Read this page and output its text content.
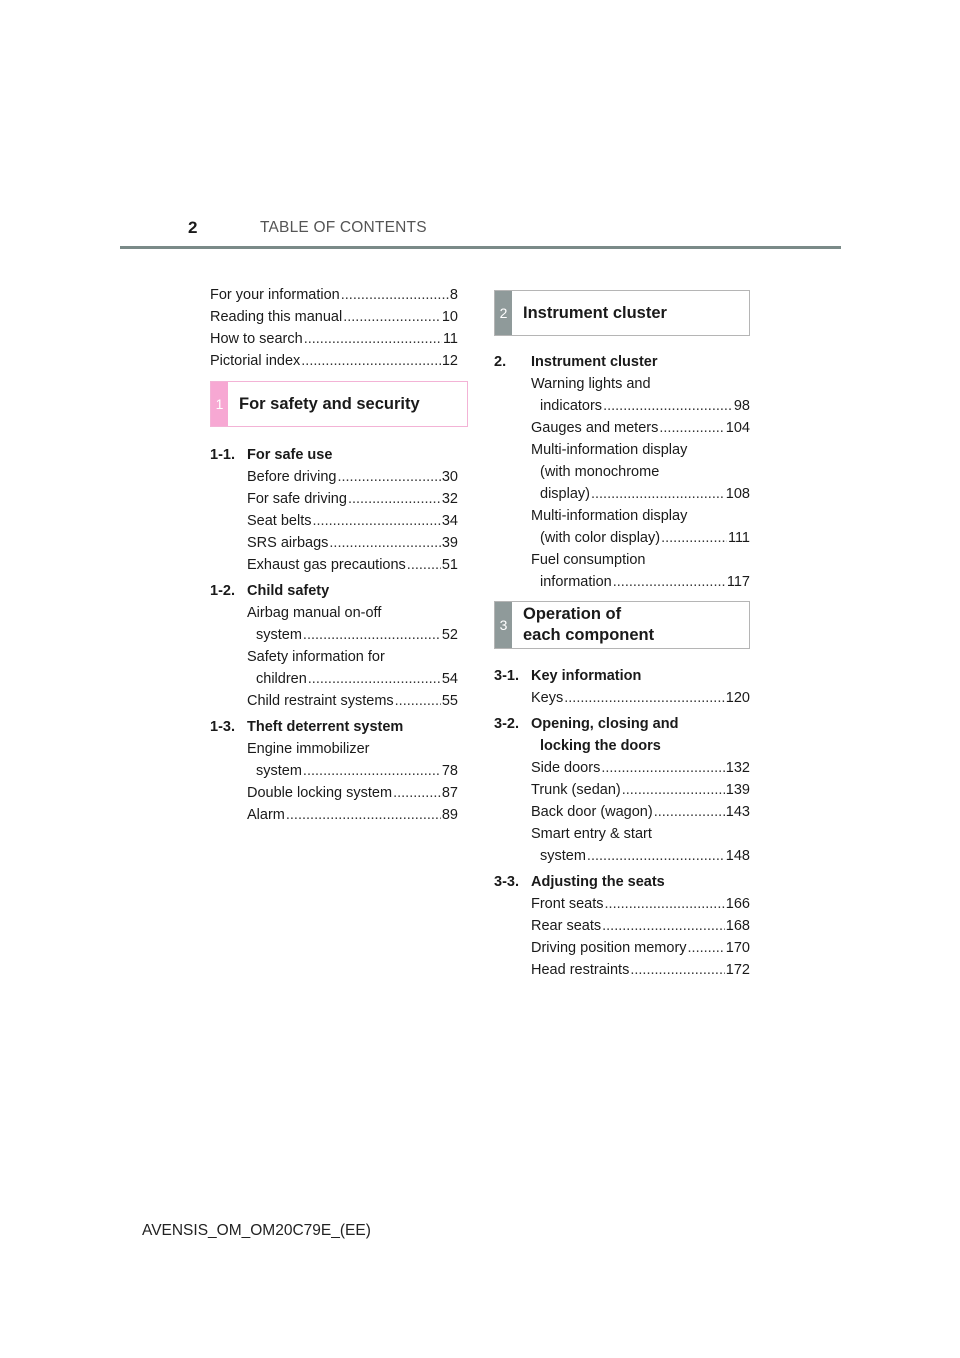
2	TABLE OF CONTENTS
For your information .....	8
Reading this manual .....	10
How to search .....	11
Pictorial index .....	12
1 For safety and security
1-1. For safe use
Before driving .....	30
For safe driving .....	32
Seat belts .....	34
SRS airbags .....	39
Exhaust gas precautions ..... 51
1-2. Child safety
Airbag manual on-off
system .....	52
Safety information for
children .....	54
Child restraint systems .....	55
1-3. Theft deterrent system
Engine immobilizer
system .....	78
Double locking system .....	87
Alarm .....	89
2 Instrument cluster
2.	Instrument cluster
Warning lights and
indicators .....	98
Gauges and meters .....	104
Multi-information display
(with monochrome
display) .....	108
Multi-information display
(with color display) .....	111
Fuel consumption
information .....	117
3
Operation of
each component
3-1. Key information
Keys .....	120
3-2. Opening, closing and
locking the doors
Side doors .....	132
Trunk (sedan) .....	139
Back door (wagon) .....	143
Smart entry & start
system .....	148
3-3. Adjusting the seats
Front seats .....	166
Rear seats .....	168
Driving position memory .....	170
Head restraints .....	172
AVENSIS_OM_OM20C79E_(EE)
